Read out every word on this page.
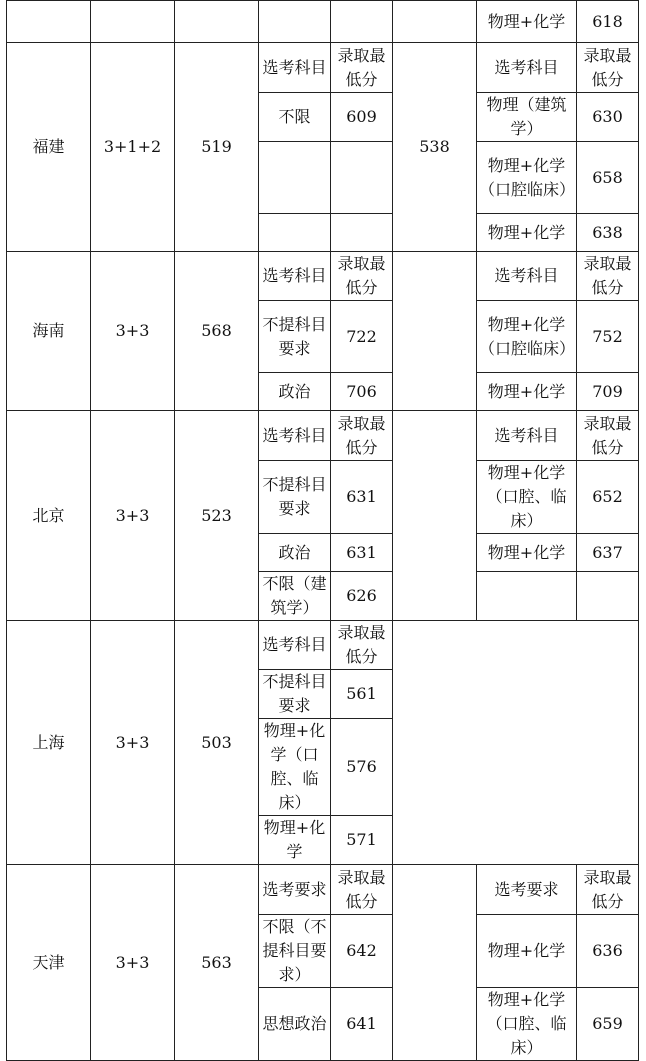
						物理+化学	618
福建	3+1+2	519	选考科目	录取最低分	538	选考科目	录取最低分
			不限	609		物理（建筑学）	630
						物理+化学（口腔临床）	658
						物理+化学	638
海南	3+3	568	选考科目	录取最低分		选考科目	录取最低分
			不提科目要求	722		物理+化学（口腔临床）	752
			政治	706		物理+化学	709
北京	3+3	523	选考科目	录取最低分		选考科目	录取最低分
			不提科目要求	631		物理+化学（口腔、临床）	652
			政治	631		物理+化学	637
			不限（建筑学）	626			
上海	3+3	503	选考科目	录取最低分			
			不提科目要求	561			
			物理+化学（口腔、临床）	576			
			物理+化学	571			
天津	3+3	563	选考要求	录取最低分		选考要求	录取最低分
			不限（不提科目要求）	642		物理+化学	636
			思想政治	641		物理+化学（口腔、临床）	659
